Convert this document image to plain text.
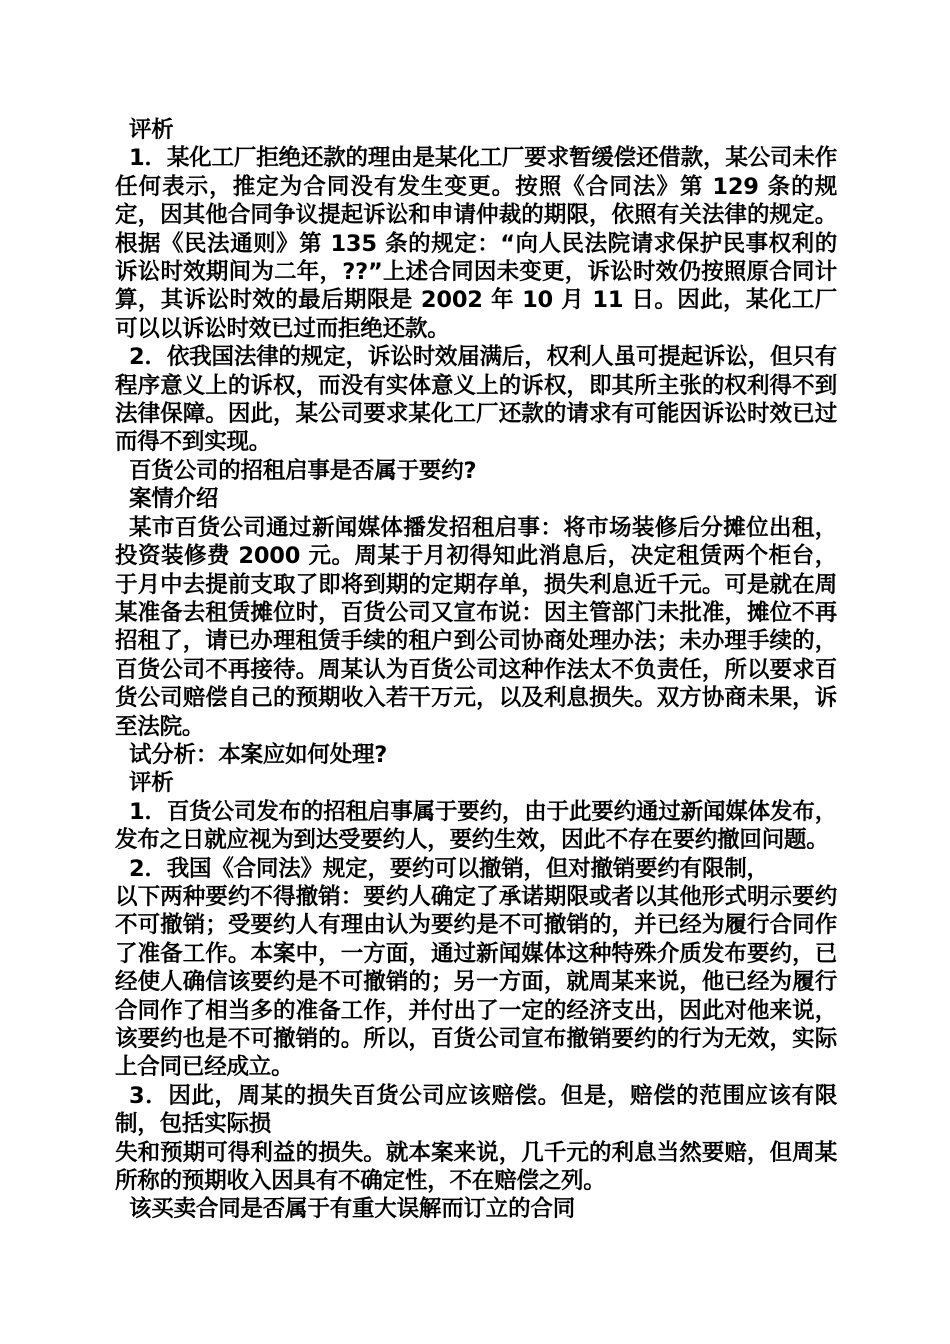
评析

1．某化工厂拒绝还款的理由是某化工厂要求暂缓偿还借款，某公司未作任何表示，推定为合同没有发生变更。按照《合同法》第 129 条的规定，因其他合同争议提起诉讼和申请仲裁的期限，依照有关法律的规定。根据《民法通则》第 135 条的规定：“向人民法院请求保护民事权利的诉讼时效期间为二年，??”上述合同因未变更，诉讼时效仍按照原合同计算，其诉讼时效的最后期限是 2002 年 10 月 11 日。因此，某化工厂可以以诉讼时效已过而拒绝还款。

2．依我国法律的规定，诉讼时效届满后，权利人虽可提起诉讼，但只有程序意义上的诉权，而没有实体意义上的诉权，即其所主张的权利得不到法律保障。因此，某公司要求某化工厂还款的请求有可能因诉讼时效已过而得不到实现。

百货公司的招租启事是否属于要约?

案情介绍

某市百货公司通过新闻媒体播发招租启事：将市场装修后分摊位出租，投资装修费 2000 元。周某于月初得知此消息后，决定租赁两个柜台，于月中去提前支取了即将到期的定期存单，损失利息近千元。可是就在周某准备去租赁摊位时，百货公司又宣布说：因主管部门未批准，摊位不再招租了，请已办理租赁手续的租户到公司协商处理办法；未办理手续的，百货公司不再接待。周某认为百货公司这种作法太不负责任，所以要求百货公司赔偿自己的预期收入若干万元，以及利息损失。双方协商未果，诉至法院。

试分析：本案应如何处理?

评析

1．百货公司发布的招租启事属于要约，由于此要约通过新闻媒体发布，发布之日就应视为到达受要约人，要约生效，因此不存在要约撤回问题。

2．我国《合同法》规定，要约可以撤销，但对撤销要约有限制，

以下两种要约不得撤销：要约人确定了承诺期限或者以其他形式明示要约不可撤销；受要约人有理由认为要约是不可撤销的，并已经为履行合同作了准备工作。本案中，一方面，通过新闻媒体这种特殊介质发布要约，已经使人确信该要约是不可撤销的；另一方面，就周某来说，他已经为履行合同作了相当多的准备工作，并付出了一定的经济支出，因此对他来说，该要约也是不可撤销的。所以，百货公司宣布撤销要约的行为无效，实际上合同已经成立。

3．因此，周某的损失百货公司应该赔偿。但是，赔偿的范围应该有限制，包括实际损

失和预期可得利益的损失。就本案来说，几千元的利息当然要赔，但周某所称的预期收入因具有不确定性，不在赔偿之列。

该买卖合同是否属于有重大误解而订立的合同
